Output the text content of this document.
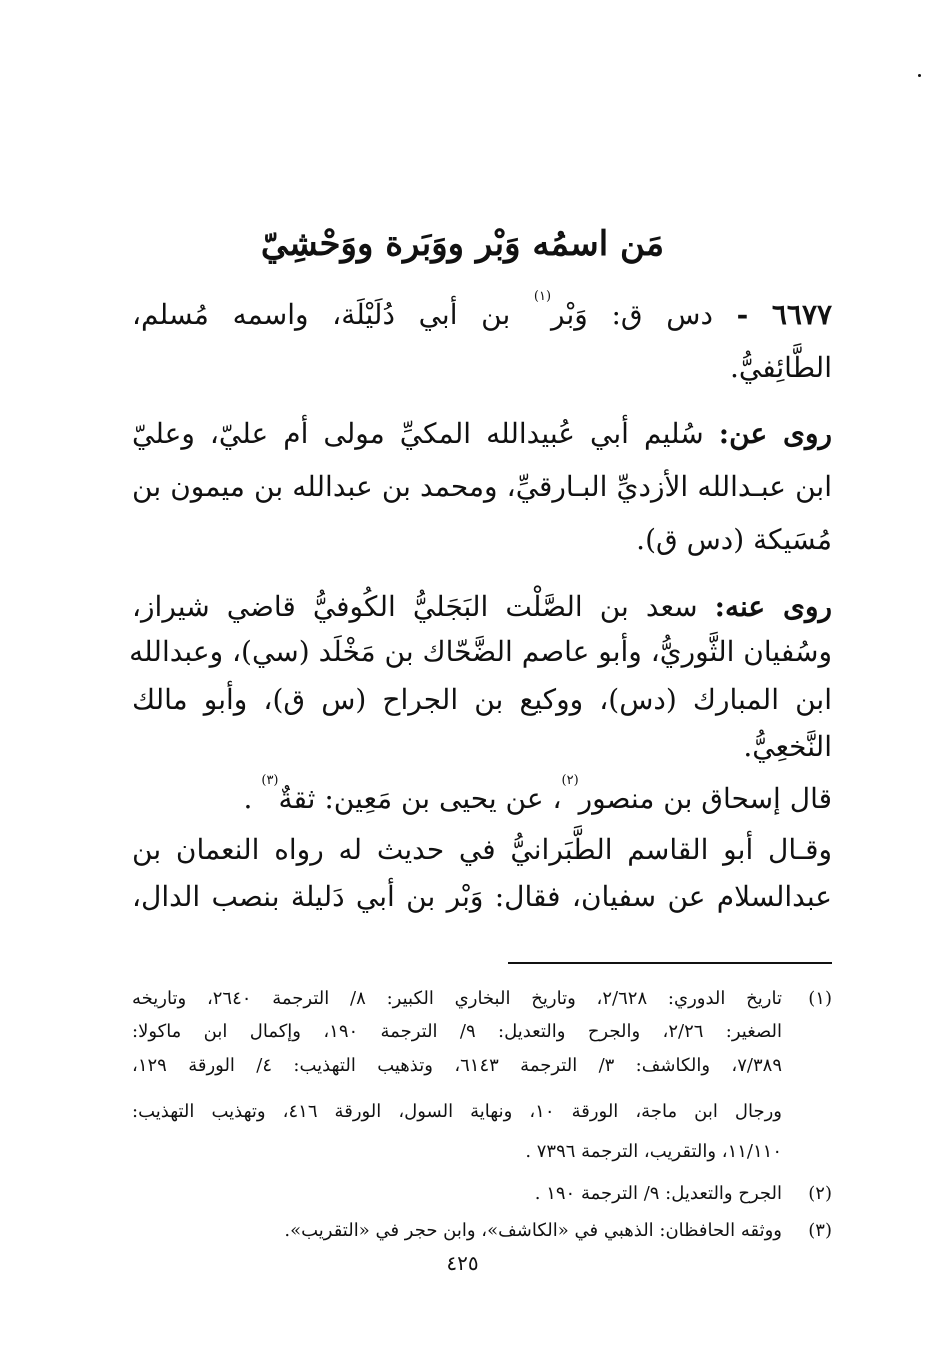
مَن اسمُه وَبْر ووَبَرة ووَحْشِيّ
٦٦٧٧ - دس ق: وَبْر$^{(١)}$ بن أبي دُلَيْلَة، واسمه مُسلم،
الطَّائِفيُّ.
روى عن: سُليم أبي عُبيدالله المكيِّ مولى أم عليّ، وعليّ
ابن عبـدالله الأزديِّ البـارقيِّ، ومحمد بن عبدالله بن ميمون بن
مُسَيكة (دس ق).
روى عنه: سعد بن الصَّلْت البَجَليُّ الكُوفيُّ قاضي شيراز،
وسُفيان الثَّوريُّ، وأبو عاصم الضَّحّاك بن مَخْلَد (سي)، وعبدالله
ابن المبارك (دس)، ووكيع بن الجراح (س ق)، وأبو مالك
النَّخعِيُّ.
قال إسحاق بن منصور$^{(٢)}$، عن يحيى بن مَعِين: ثقةٌ$^{(٣)}$ .
وقـال أبو القاسم الطَّبَرانيُّ في حديث له رواه النعمان بن
عبدالسلام عن سفيان، فقال: وَبْر بن أبي دَليلة بنصب الدال،
(١)
تاريخ الدوري: ٢/٦٢٨، وتاريخ البخاري الكبير: ٨/ الترجمة ٢٦٤٠، وتاريخه
الصغير: ٢/٢٦، والجرح والتعديل: ٩/ الترجمة ١٩٠، وإكمال ابن ماكولا:
٧/٣٨٩، والكاشف: ٣/ الترجمة ٦١٤٣، وتذهيب التهذيب: ٤/ الورقة ١٢٩،
ورجال ابن ماجة، الورقة ١٠، ونهاية السول، الورقة ٤١٦، وتهذيب التهذيب:
١١/١١٠، والتقريب، الترجمة ٧٣٩٦ .
(٢)
الجرح والتعديل: ٩/ الترجمة ١٩٠ .
(٣)
ووثقه الحافظان: الذهبي في «الكاشف»، وابن حجر في «التقريب».
٤٢٥
